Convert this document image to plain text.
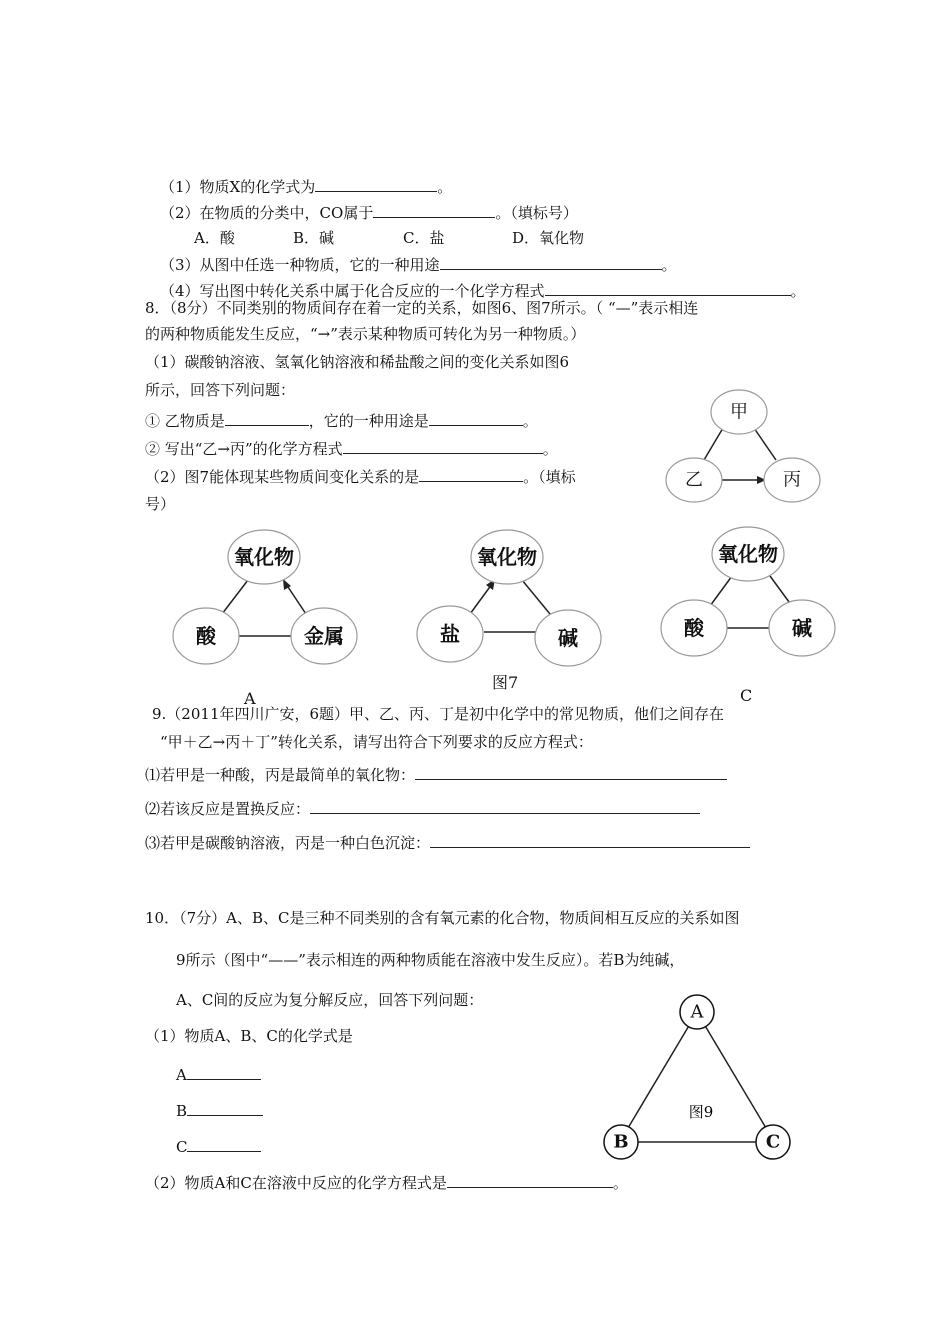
（1）物质X的化学式为	。
（2）在物质的分类中，CO属于	。（填标号）
A．酸	B．碱	C．盐	D．氧化物
（3）从图中任选一种物质，它的一种用途	。
（4）写出图中转化关系中属于化合反应的一个化学方程式	。
8．（8分）不同类别的物质间存在着一定的关系，如图6、图7所示。（ “—”表示相连
的两种物质能发生反应，“→”表示某种物质可转化为另一种物质。）
（1）碳酸钠溶液、氢氧化钠溶液和稀盐酸之间的变化关系如图6
所示，回答下列问题：
① 乙物质是	，它的一种用途是	。
② 写出“乙→丙”的化学方程式	。
（2）图7能体现某些物质间变化关系的是	。（填标
号）
甲
乙	丙
氧化物
酸	金属
氧化物
盐	碱
氧化物
酸	碱
图7
A	C
9.（2011年四川广安，6题）甲、乙、丙、丁是初中化学中的常见物质，他们之间存在
“甲＋乙→丙＋丁”转化关系，请写出符合下列要求的反应方程式：
⑴若甲是一种酸，丙是最简单的氧化物：
⑵若该反应是置换反应：
⑶若甲是碳酸钠溶液，丙是一种白色沉淀：
10．（7分）A、B、C是三种不同类别的含有氧元素的化合物，物质间相互反应的关系如图
9所示（图中“——”表示相连的两种物质能在溶液中发生反应）。若B为纯碱，
A、C间的反应为复分解反应，回答下列问题：
（1）物质A、B、C的化学式是
A
B
C
（2）物质A和C在溶液中反应的化学方程式是	。
A
B	C
图9
